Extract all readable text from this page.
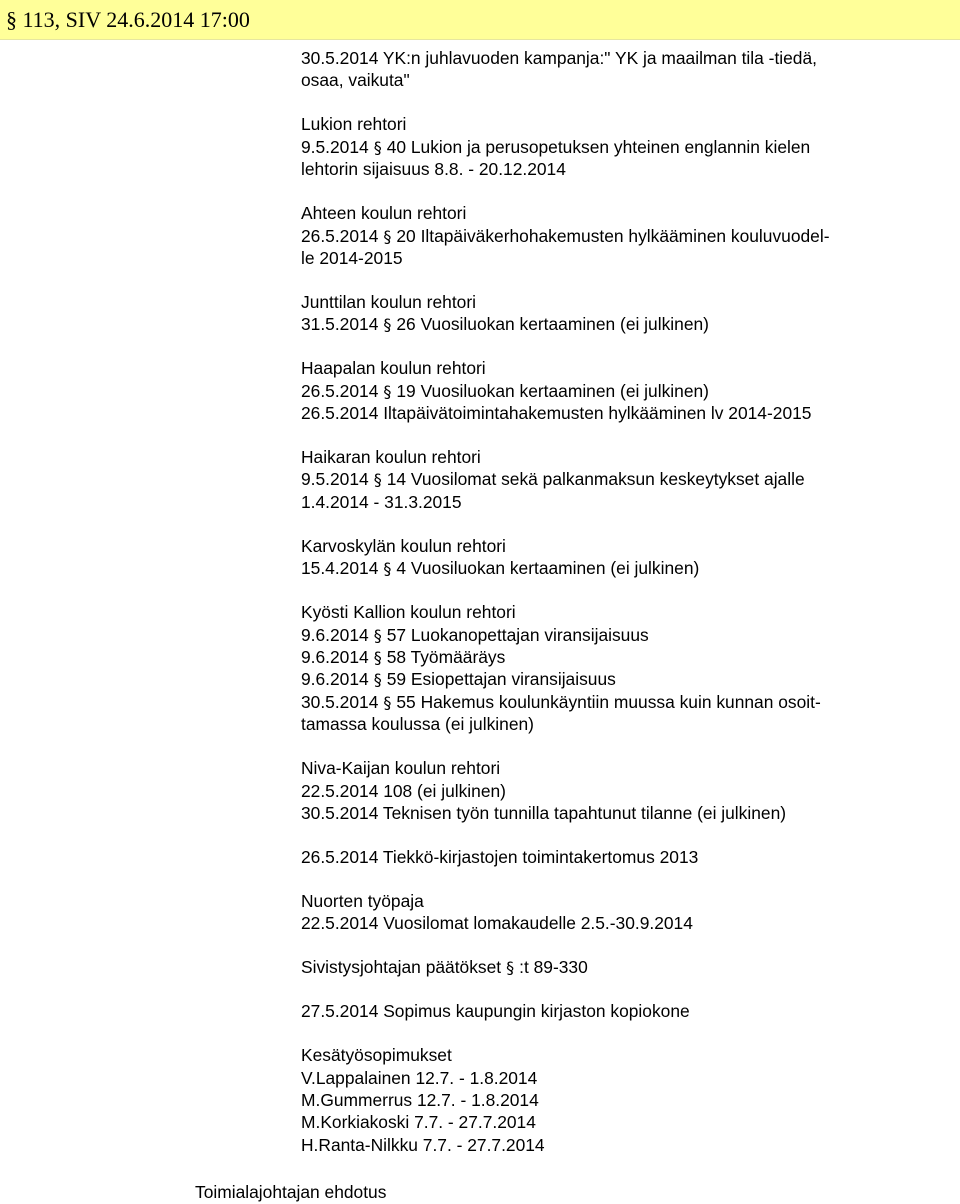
§ 113, SIV 24.6.2014 17:00
30.5.2014 YK:n juhlavuoden kampanja:" YK ja maailman tila -tiedä,
osaa, vaikuta"
Lukion rehtori
9.5.2014 § 40 Lukion ja perusopetuksen yhteinen englannin kielen
lehtorin sijaisuus 8.8. - 20.12.2014
Ahteen koulun rehtori
26.5.2014 § 20 Iltapäiväkerhohakemusten hylkääminen kouluvuodel-
le 2014-2015
Junttilan koulun rehtori
31.5.2014 § 26 Vuosiluokan kertaaminen (ei julkinen)
Haapalan koulun rehtori
26.5.2014 § 19 Vuosiluokan kertaaminen (ei julkinen)
26.5.2014 Iltapäivätoimintahakemusten hylkääminen lv 2014-2015
Haikaran koulun rehtori
9.5.2014 § 14 Vuosilomat sekä palkanmaksun keskeytykset ajalle
1.4.2014 - 31.3.2015
Karvoskylän koulun rehtori
15.4.2014 § 4 Vuosiluokan kertaaminen (ei julkinen)
Kyösti Kallion koulun rehtori
9.6.2014 § 57 Luokanopettajan viransijaisuus
9.6.2014 § 58 Työmääräys
9.6.2014 § 59 Esiopettajan viransijaisuus
30.5.2014 § 55 Hakemus koulunkäyntiin muussa kuin kunnan osoit-
tamassa koulussa (ei julkinen)
Niva-Kaijan koulun rehtori
22.5.2014 108 (ei julkinen)
30.5.2014 Teknisen työn tunnilla tapahtunut tilanne (ei julkinen)
26.5.2014 Tiekkö-kirjastojen toimintakertomus 2013
Nuorten työpaja
22.5.2014 Vuosilomat lomakaudelle 2.5.-30.9.2014
Sivistysjohtajan päätökset § :t 89-330
27.5.2014 Sopimus kaupungin kirjaston kopiokone
Kesätyösopimukset
V.Lappalainen 12.7. - 1.8.2014
M.Gummerrus 12.7. - 1.8.2014
M.Korkiakoski 7.7. - 27.7.2014
H.Ranta-Nilkku 7.7. - 27.7.2014
Toimialajohtajan ehdotus
